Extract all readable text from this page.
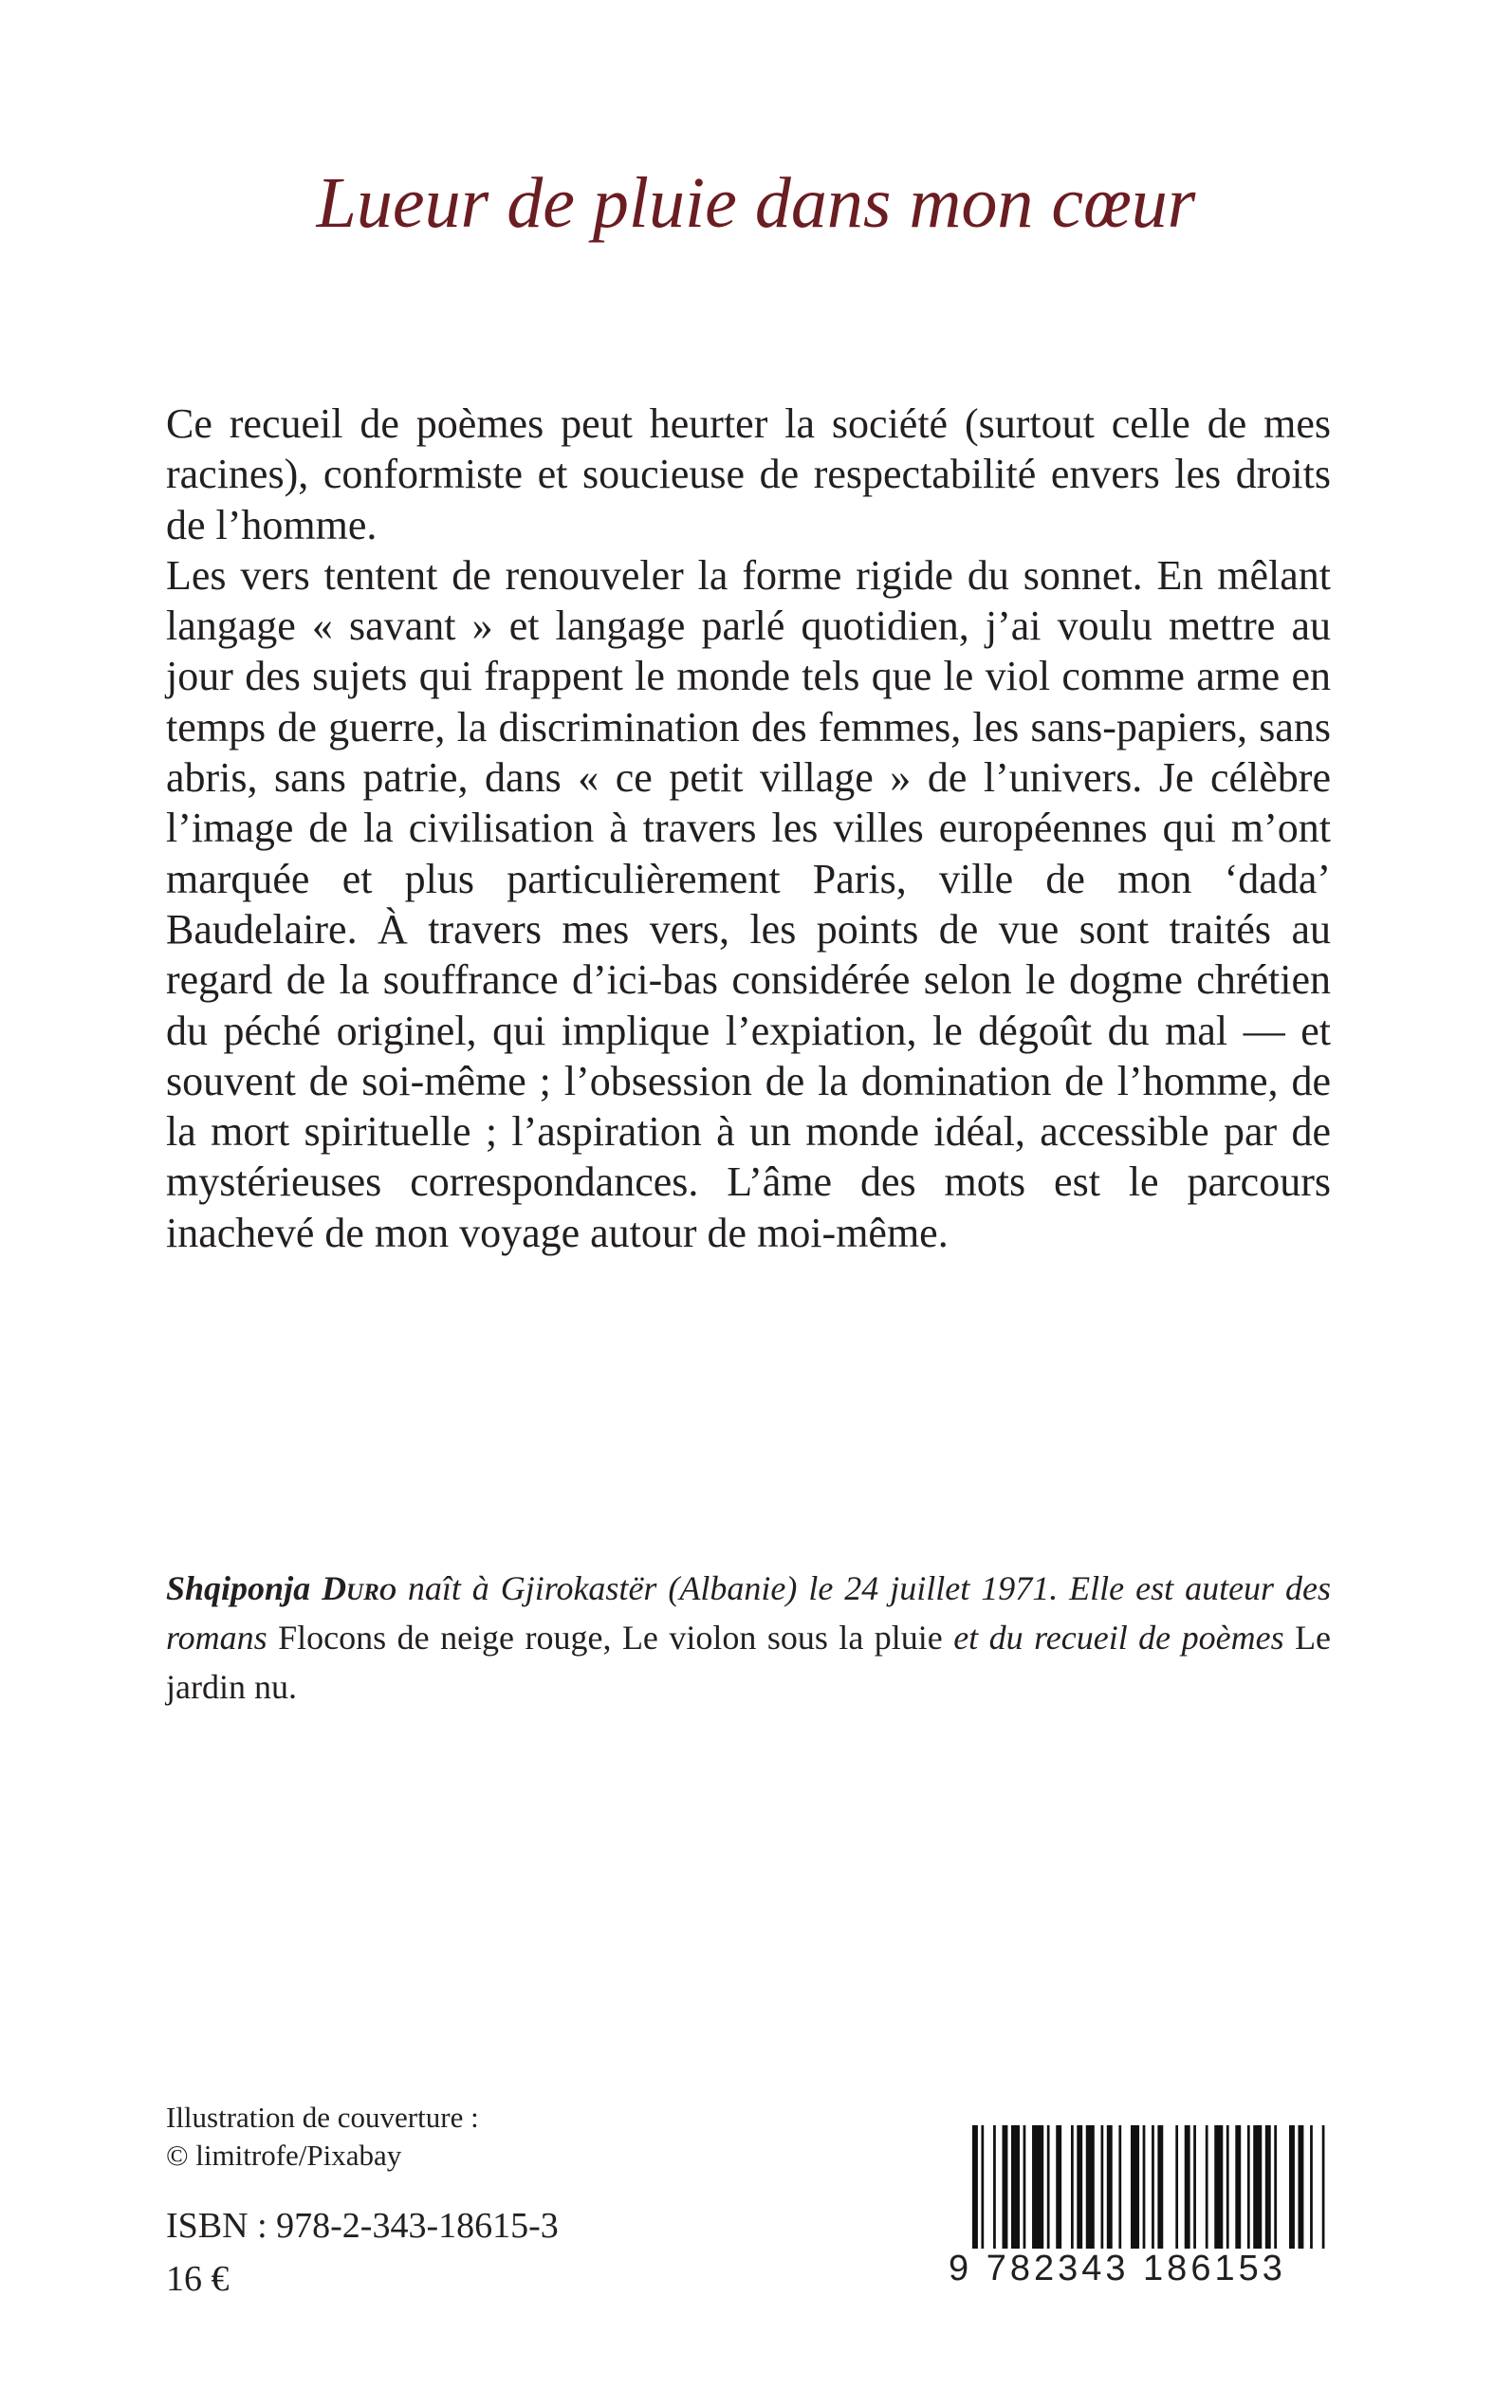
Lueur de pluie dans mon cœur

Ce recueil de poèmes peut heurter la société (surtout celle de mes racines), conformiste et soucieuse de respectabilité envers les droits de l’homme.

Les vers tentent de renouveler la forme rigide du sonnet. En mêlant langage « savant » et langage parlé quotidien, j’ai voulu mettre au jour des sujets qui frappent le monde tels que le viol comme arme en temps de guerre, la discrimination des femmes, les sans-papiers, sans abris, sans patrie, dans « ce petit village » de l’univers. Je célèbre l’image de la civilisation à travers les villes européennes qui m’ont marquée et plus particulièrement Paris, ville de mon ‘dada’ Baudelaire. À travers mes vers, les points de vue sont traités au regard de la souffrance d’ici-bas considérée selon le dogme chrétien du péché originel, qui implique l’expiation, le dégoût du mal — et souvent de soi-même ; l’obsession de la domination de l’homme, de la mort spirituelle ; l’aspiration à un monde idéal, accessible par de mystérieuses correspondances. L’âme des mots est le parcours inachevé de mon voyage autour de moi-même.

Shqiponja Duro naît à Gjirokastër (Albanie) le 24 juillet 1971. Elle est auteur des romans Flocons de neige rouge, Le violon sous la pluie et du recueil de poèmes Le jardin nu.
Illustration de couverture :
© limitrofe/Pixabay
ISBN : 978-2-343-18615-3
16 €	9 782343 186153
